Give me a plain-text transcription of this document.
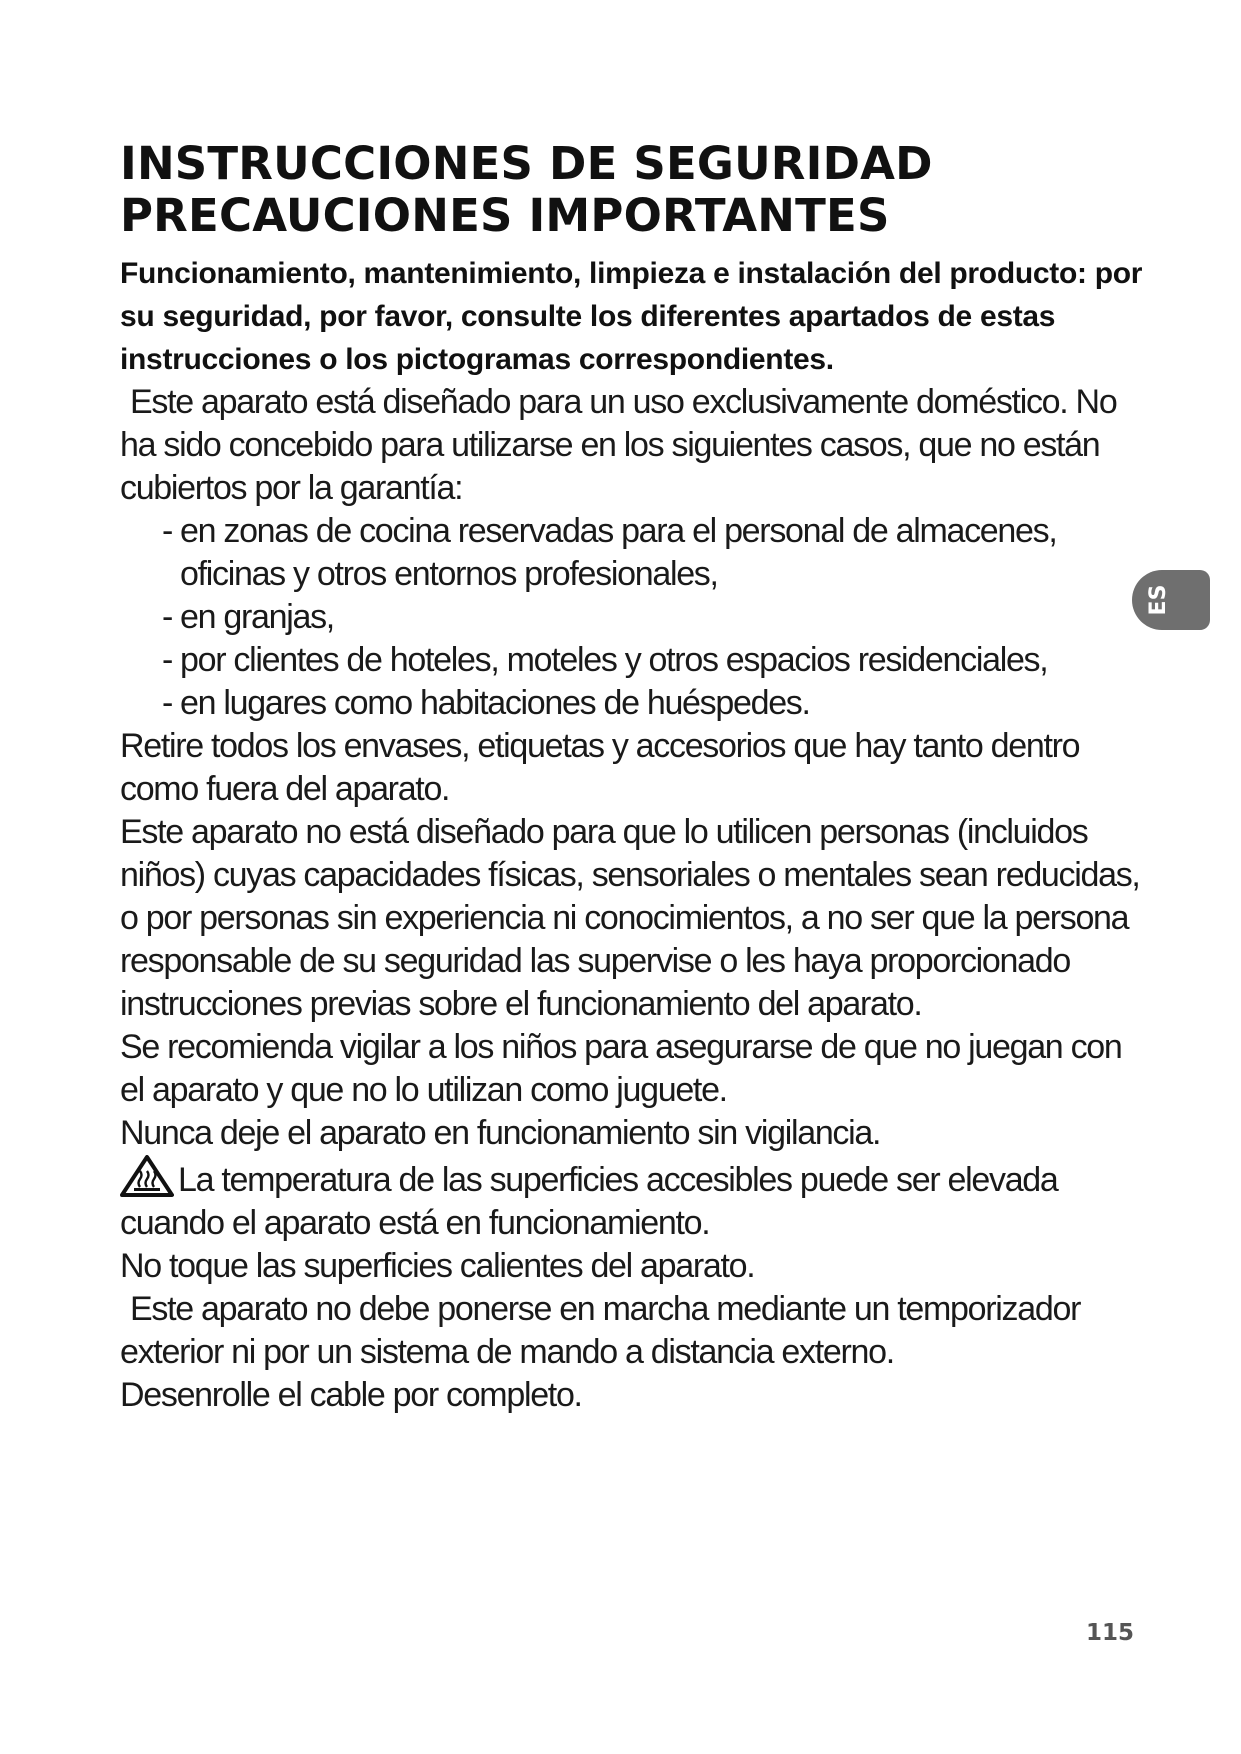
INSTRUCCIONES DE SEGURIDAD
PRECAUCIONES IMPORTANTES

Funcionamiento, mantenimiento, limpieza e instalación del producto: por su seguridad, por favor, consulte los diferentes apartados de estas instrucciones o los pictogramas correspondientes.

Este aparato está diseñado para un uso exclusivamente doméstico. No ha sido concebido para utilizarse en los siguientes casos, que no están cubiertos por la garantía:

- en zonas de cocina reservadas para el personal de almacenes, oficinas y otros entornos profesionales,
- en granjas,
- por clientes de hoteles, moteles y otros espacios residenciales,
- en lugares como habitaciones de huéspedes.

Retire todos los envases, etiquetas y accesorios que hay tanto dentro como fuera del aparato.

Este aparato no está diseñado para que lo utilicen personas (incluidos niños) cuyas capacidades físicas, sensoriales o mentales sean reducidas, o por personas sin experiencia ni conocimientos, a no ser que la persona responsable de su seguridad las supervise o les haya proporcionado instrucciones previas sobre el funcionamiento del aparato.

Se recomienda vigilar a los niños para asegurarse de que no juegan con el aparato y que no lo utilizan como juguete.

Nunca deje el aparato en funcionamiento sin vigilancia.

La temperatura de las superficies accesibles puede ser elevada cuando el aparato está en funcionamiento.

No toque las superficies calientes del aparato.

Este aparato no debe ponerse en marcha mediante un temporizador exterior ni por un sistema de mando a distancia externo.

Desenrolle el cable por completo.

ES
115
